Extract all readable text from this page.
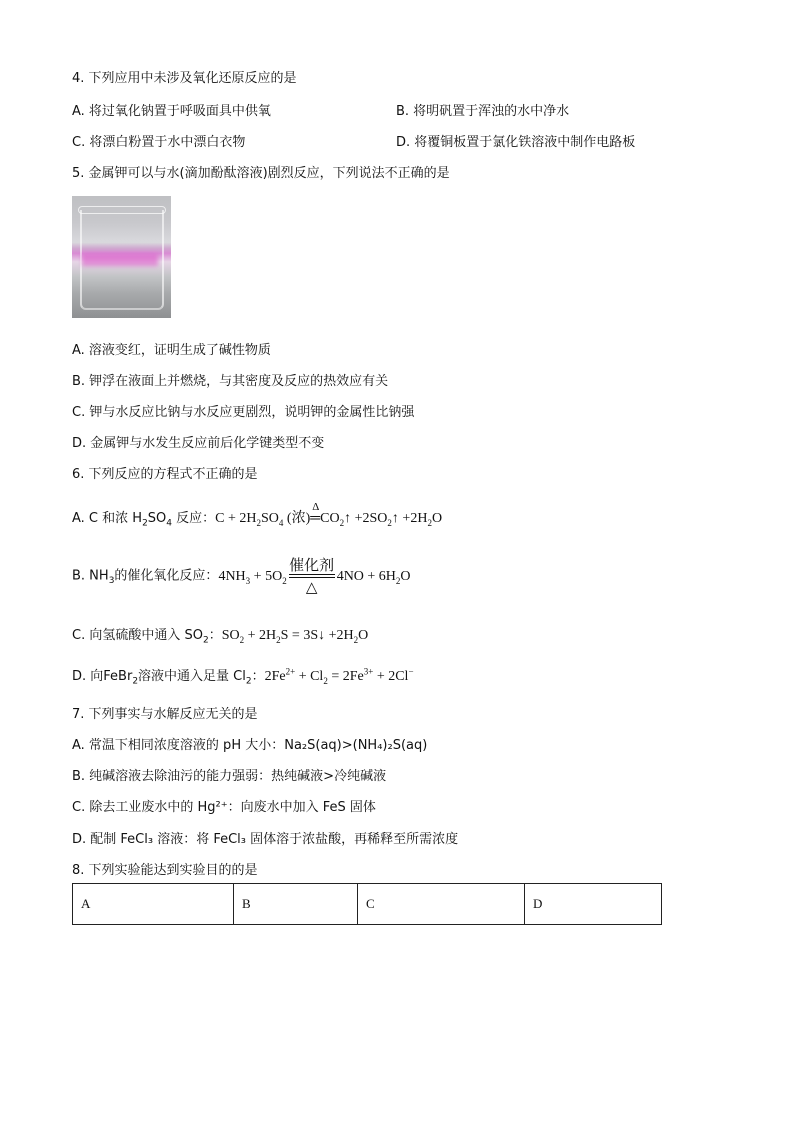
4. 下列应用中未涉及氧化还原反应的是
A. 将过氧化钠置于呼吸面具中供氧	B. 将明矾置于浑浊的水中净水
C. 将漂白粉置于水中漂白衣物	D. 将覆铜板置于氯化铁溶液中制作电路板
5. 金属钾可以与水(滴加酚酞溶液)剧烈反应，下列说法不正确的是
A. 溶液变红，证明生成了碱性物质
B. 钾浮在液面上并燃烧，与其密度及反应的热效应有关
C. 钾与水反应比钠与水反应更剧烈，说明钾的金属性比钠强
D. 金属钾与水发生反应前后化学键类型不变
6. 下列反应的方程式不正确的是
A. C 和浓 $H_2SO_4$ 反应：$C + 2H_2SO_4$ (浓)
Δ
$═CO_2↑$ $+2SO_2↑ +2H_2O$
B. $NH_3$的催化氧化反应：$4NH_3 + 5O_2 \frac{\text{催化剂}}{\triangle} 4NO + 6H_2O$
C. 向氢硫酸中通入 $SO_2$：$SO_2 + 2H_2S$ = 3S↓ $+2H_2O$
D. 向FeBr$_2$溶液中通入足量 $Cl_2$：$2Fe^{2+} + Cl_2 = 2Fe^{3+} + 2Cl^-$
7. 下列事实与水解反应无关的是
A. 常温下相同浓度溶液的 pH 大小：Na₂S(aq)>(NH₄)₂S(aq)
B. 纯碱溶液去除油污的能力强弱：热纯碱液>冷纯碱液
C. 除去工业废水中的 Hg²⁺：向废水中加入 FeS 固体
D. 配制 FeCl₃ 溶液：将 FeCl₃ 固体溶于浓盐酸，再稀释至所需浓度
8. 下列实验能达到实验目的的是
A	B	C	D
